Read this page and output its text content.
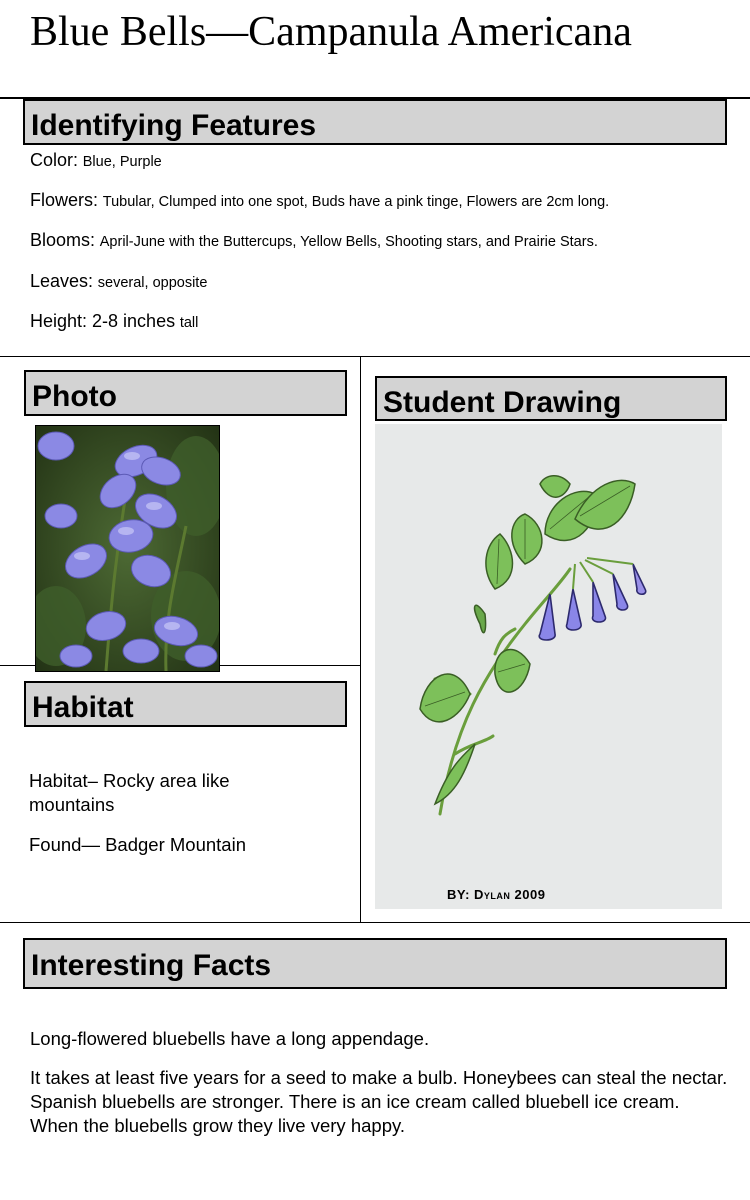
Blue Bells—Campanula Americana
Identifying Features
Color: Blue, Purple
Flowers: Tubular, Clumped into one spot, Buds have a pink tinge, Flowers are 2cm long.
Blooms: April-June with the Buttercups, Yellow Bells, Shooting stars, and Prairie Stars.
Leaves: several, opposite
Height: 2-8 inches tall
Photo	Student Drawing
BY: Dylan 2009
Habitat
Habitat– Rocky area like mountains
Found— Badger Mountain
Interesting Facts
Long-flowered bluebells have a long appendage.
It takes at least five years for a seed to make a bulb. Honeybees can steal the nectar. Spanish bluebells are stronger. There is an ice cream called bluebell ice cream. When the bluebells grow they live very happy.
